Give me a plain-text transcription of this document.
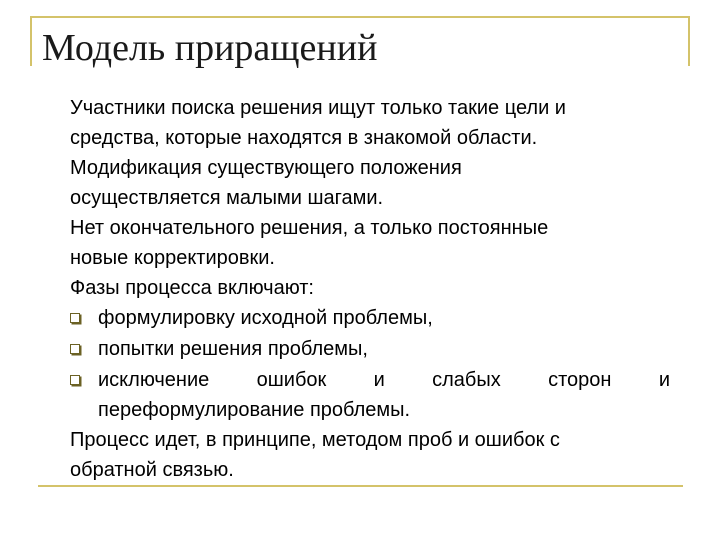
Модель приращений
Участники поиска решения ищут только такие цели и
средства, которые находятся в знакомой области.
Модификация существующего положения
осуществляется малыми шагами.
Нет окончательного решения, а только постоянные
новые корректировки.
Фазы процесса включают:
формулировку исходной проблемы,
попытки решения проблемы,
исключение ошибок и слабых сторон и
переформулирование проблемы.
Процесс идет, в принципе, методом проб и ошибок с
обратной связью.
